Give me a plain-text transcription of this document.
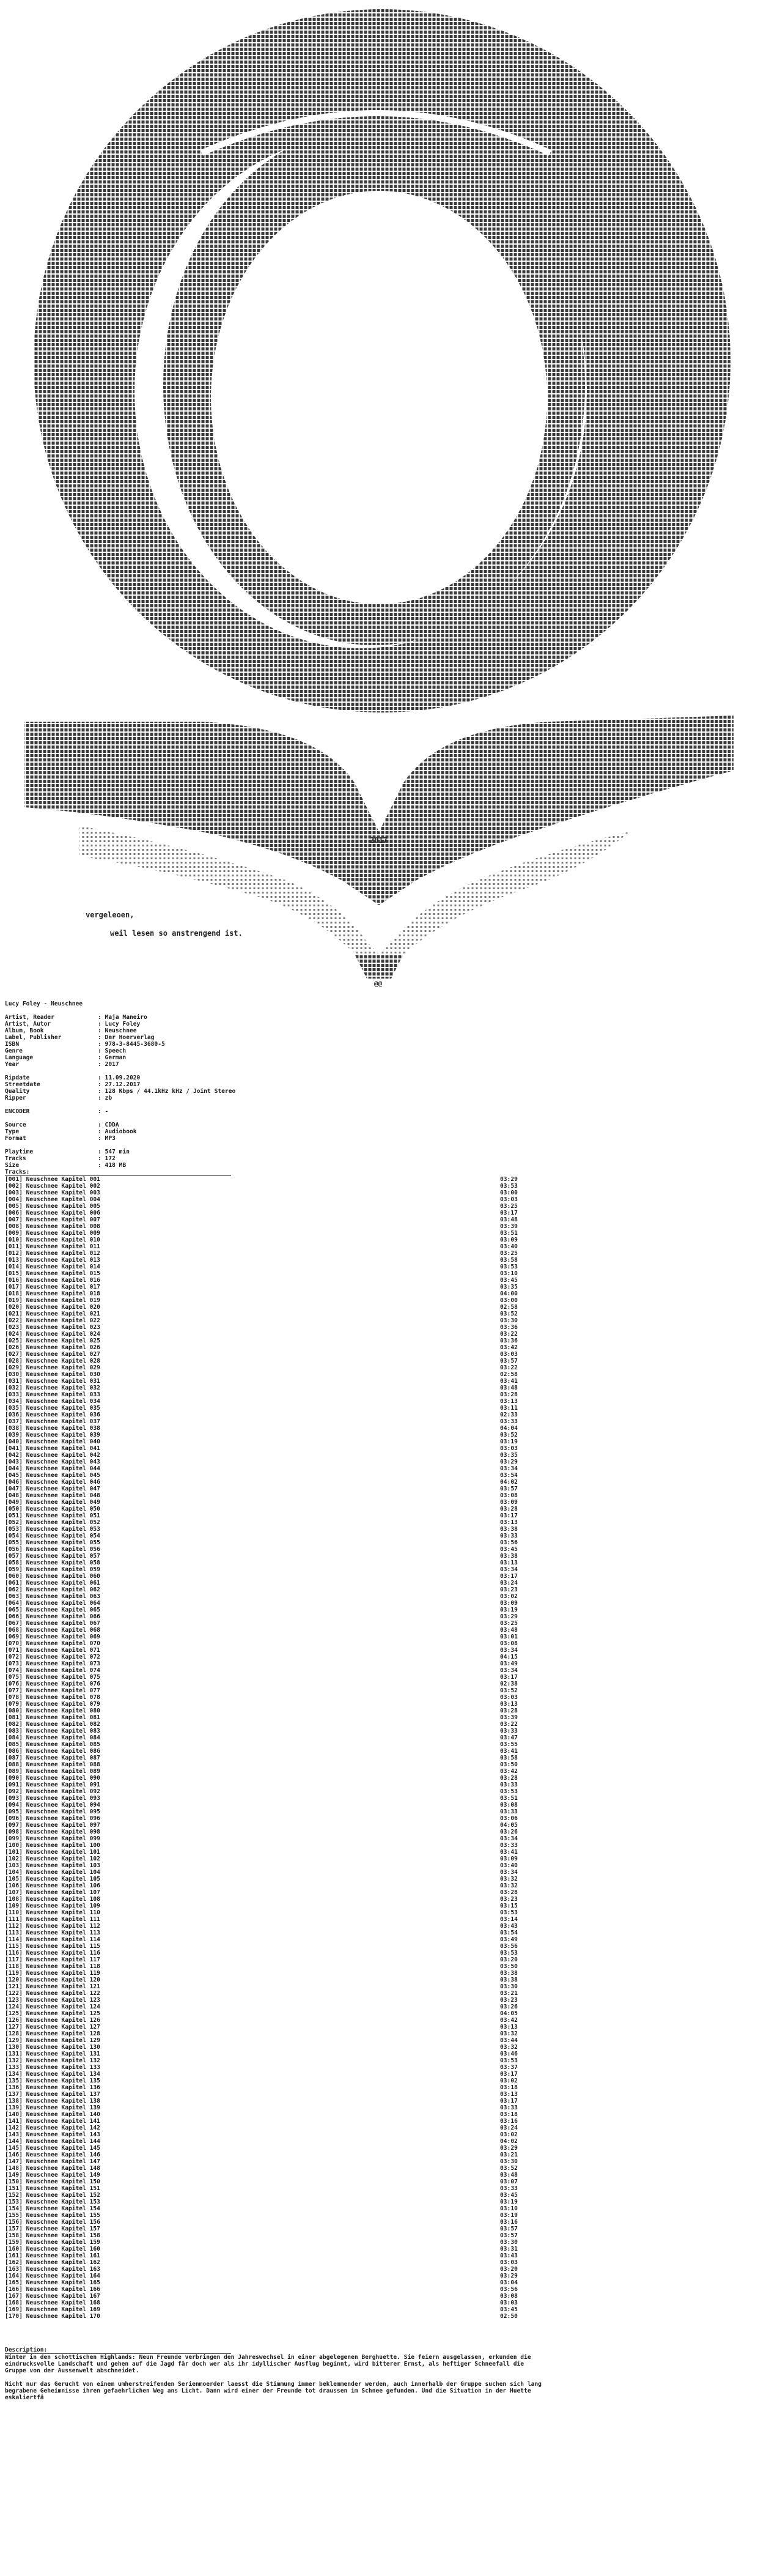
2017
vergeleoen,
weil lesen so anstrengend ist.
@@
Lucy Foley - Neuschnee
Artist, Reader	: Maja Maneiro
Artist, Autor	: Lucy Foley
Album, Book	: Neuschnee
Label, Publisher	: Der Hoerverlag
ISBN	: 978-3-8445-3680-5
Genre	: Speech
Language	: German
Year	: 2017
Ripdate	: 11.09.2020
Streetdate	: 27.12.2017
Quality	: 128 Kbps / 44.1kHz kHz / Joint Stereo
Ripper	: zb
ENCODER	: -
Source	: CDDA
Type	: Audiobook
Format	: MP3
Playtime	: 547 min
Tracks	: 172
Size	: 418 MB
Tracks:
[001] Neuschnee Kapitel 001	03:29
[002] Neuschnee Kapitel 002	03:53
[003] Neuschnee Kapitel 003	03:00
[004] Neuschnee Kapitel 004	03:03
[005] Neuschnee Kapitel 005	03:25
[006] Neuschnee Kapitel 006	03:17
[007] Neuschnee Kapitel 007	03:48
[008] Neuschnee Kapitel 008	03:39
[009] Neuschnee Kapitel 009	03:51
[010] Neuschnee Kapitel 010	03:09
[011] Neuschnee Kapitel 011	03:40
[012] Neuschnee Kapitel 012	03:25
[013] Neuschnee Kapitel 013	03:58
[014] Neuschnee Kapitel 014	03:53
[015] Neuschnee Kapitel 015	03:10
[016] Neuschnee Kapitel 016	03:45
[017] Neuschnee Kapitel 017	03:35
[018] Neuschnee Kapitel 018	04:00
[019] Neuschnee Kapitel 019	03:00
[020] Neuschnee Kapitel 020	02:58
[021] Neuschnee Kapitel 021	03:52
[022] Neuschnee Kapitel 022	03:30
[023] Neuschnee Kapitel 023	03:36
[024] Neuschnee Kapitel 024	03:22
[025] Neuschnee Kapitel 025	03:36
[026] Neuschnee Kapitel 026	03:42
[027] Neuschnee Kapitel 027	03:03
[028] Neuschnee Kapitel 028	03:57
[029] Neuschnee Kapitel 029	03:22
[030] Neuschnee Kapitel 030	02:58
[031] Neuschnee Kapitel 031	03:41
[032] Neuschnee Kapitel 032	03:48
[033] Neuschnee Kapitel 033	03:28
[034] Neuschnee Kapitel 034	03:13
[035] Neuschnee Kapitel 035	03:11
[036] Neuschnee Kapitel 036	02:33
[037] Neuschnee Kapitel 037	03:33
[038] Neuschnee Kapitel 038	04:04
[039] Neuschnee Kapitel 039	03:52
[040] Neuschnee Kapitel 040	03:19
[041] Neuschnee Kapitel 041	03:03
[042] Neuschnee Kapitel 042	03:35
[043] Neuschnee Kapitel 043	03:29
[044] Neuschnee Kapitel 044	03:34
[045] Neuschnee Kapitel 045	03:54
[046] Neuschnee Kapitel 046	04:02
[047] Neuschnee Kapitel 047	03:57
[048] Neuschnee Kapitel 048	03:08
[049] Neuschnee Kapitel 049	03:09
[050] Neuschnee Kapitel 050	03:28
[051] Neuschnee Kapitel 051	03:17
[052] Neuschnee Kapitel 052	03:13
[053] Neuschnee Kapitel 053	03:38
[054] Neuschnee Kapitel 054	03:33
[055] Neuschnee Kapitel 055	03:56
[056] Neuschnee Kapitel 056	03:45
[057] Neuschnee Kapitel 057	03:38
[058] Neuschnee Kapitel 058	03:13
[059] Neuschnee Kapitel 059	03:34
[060] Neuschnee Kapitel 060	03:17
[061] Neuschnee Kapitel 061	03:24
[062] Neuschnee Kapitel 062	03:23
[063] Neuschnee Kapitel 063	03:02
[064] Neuschnee Kapitel 064	03:09
[065] Neuschnee Kapitel 065	03:19
[066] Neuschnee Kapitel 066	03:29
[067] Neuschnee Kapitel 067	03:25
[068] Neuschnee Kapitel 068	03:48
[069] Neuschnee Kapitel 069	03:01
[070] Neuschnee Kapitel 070	03:08
[071] Neuschnee Kapitel 071	03:34
[072] Neuschnee Kapitel 072	04:15
[073] Neuschnee Kapitel 073	03:49
[074] Neuschnee Kapitel 074	03:34
[075] Neuschnee Kapitel 075	03:17
[076] Neuschnee Kapitel 076	02:38
[077] Neuschnee Kapitel 077	03:52
[078] Neuschnee Kapitel 078	03:03
[079] Neuschnee Kapitel 079	03:13
[080] Neuschnee Kapitel 080	03:28
[081] Neuschnee Kapitel 081	03:39
[082] Neuschnee Kapitel 082	03:22
[083] Neuschnee Kapitel 083	03:33
[084] Neuschnee Kapitel 084	03:47
[085] Neuschnee Kapitel 085	03:55
[086] Neuschnee Kapitel 086	03:41
[087] Neuschnee Kapitel 087	03:58
[088] Neuschnee Kapitel 088	03:50
[089] Neuschnee Kapitel 089	03:42
[090] Neuschnee Kapitel 090	03:28
[091] Neuschnee Kapitel 091	03:33
[092] Neuschnee Kapitel 092	03:53
[093] Neuschnee Kapitel 093	03:51
[094] Neuschnee Kapitel 094	03:08
[095] Neuschnee Kapitel 095	03:33
[096] Neuschnee Kapitel 096	03:06
[097] Neuschnee Kapitel 097	04:05
[098] Neuschnee Kapitel 098	03:26
[099] Neuschnee Kapitel 099	03:34
[100] Neuschnee Kapitel 100	03:33
[101] Neuschnee Kapitel 101	03:41
[102] Neuschnee Kapitel 102	03:09
[103] Neuschnee Kapitel 103	03:40
[104] Neuschnee Kapitel 104	03:34
[105] Neuschnee Kapitel 105	03:32
[106] Neuschnee Kapitel 106	03:32
[107] Neuschnee Kapitel 107	03:28
[108] Neuschnee Kapitel 108	03:23
[109] Neuschnee Kapitel 109	03:15
[110] Neuschnee Kapitel 110	03:53
[111] Neuschnee Kapitel 111	03:14
[112] Neuschnee Kapitel 112	03:43
[113] Neuschnee Kapitel 113	03:54
[114] Neuschnee Kapitel 114	03:49
[115] Neuschnee Kapitel 115	03:56
[116] Neuschnee Kapitel 116	03:53
[117] Neuschnee Kapitel 117	03:20
[118] Neuschnee Kapitel 118	03:50
[119] Neuschnee Kapitel 119	03:38
[120] Neuschnee Kapitel 120	03:38
[121] Neuschnee Kapitel 121	03:30
[122] Neuschnee Kapitel 122	03:21
[123] Neuschnee Kapitel 123	03:23
[124] Neuschnee Kapitel 124	03:26
[125] Neuschnee Kapitel 125	04:05
[126] Neuschnee Kapitel 126	03:42
[127] Neuschnee Kapitel 127	03:13
[128] Neuschnee Kapitel 128	03:32
[129] Neuschnee Kapitel 129	03:44
[130] Neuschnee Kapitel 130	03:32
[131] Neuschnee Kapitel 131	03:46
[132] Neuschnee Kapitel 132	03:53
[133] Neuschnee Kapitel 133	03:37
[134] Neuschnee Kapitel 134	03:17
[135] Neuschnee Kapitel 135	03:02
[136] Neuschnee Kapitel 136	03:18
[137] Neuschnee Kapitel 137	03:13
[138] Neuschnee Kapitel 138	03:17
[139] Neuschnee Kapitel 139	03:33
[140] Neuschnee Kapitel 140	03:18
[141] Neuschnee Kapitel 141	03:16
[142] Neuschnee Kapitel 142	03:24
[143] Neuschnee Kapitel 143	03:02
[144] Neuschnee Kapitel 144	04:02
[145] Neuschnee Kapitel 145	03:29
[146] Neuschnee Kapitel 146	03:21
[147] Neuschnee Kapitel 147	03:30
[148] Neuschnee Kapitel 148	03:52
[149] Neuschnee Kapitel 149	03:48
[150] Neuschnee Kapitel 150	03:07
[151] Neuschnee Kapitel 151	03:33
[152] Neuschnee Kapitel 152	03:45
[153] Neuschnee Kapitel 153	03:19
[154] Neuschnee Kapitel 154	03:10
[155] Neuschnee Kapitel 155	03:19
[156] Neuschnee Kapitel 156	03:16
[157] Neuschnee Kapitel 157	03:57
[158] Neuschnee Kapitel 158	03:57
[159] Neuschnee Kapitel 159	03:30
[160] Neuschnee Kapitel 160	03:31
[161] Neuschnee Kapitel 161	03:43
[162] Neuschnee Kapitel 162	03:03
[163] Neuschnee Kapitel 163	03:20
[164] Neuschnee Kapitel 164	03:29
[165] Neuschnee Kapitel 165	03:04
[166] Neuschnee Kapitel 166	03:56
[167] Neuschnee Kapitel 167	03:08
[168] Neuschnee Kapitel 168	03:03
[169] Neuschnee Kapitel 169	03:45
[170] Neuschnee Kapitel 170	02:50
Description:

Winter in den schottischen Highlands: Neun Freunde verbringen den Jahreswechsel in einer abgelegenen Berghuette. Sie feiern ausgelassen, erkunden die eindrucksvolle Landschaft und gehen auf die Jagd fär doch wer als ihr idyllischer Ausflug beginnt, wird bitterer Ernst, als heftiger Schneefall die Gruppe von der Aussenwelt abschneidet.

Nicht nur das Gerucht von einem umherstreifenden Serienmoerder laesst die Stimmung immer beklemmender werden, auch innerhalb der Gruppe suchen sich lang begrabene Geheimnisse ihren gefaehrlichen Weg ans Licht. Dann wird einer der Freunde tot draussen im Schnee gefunden. Und die Situation in der Huette eskaliertfä
